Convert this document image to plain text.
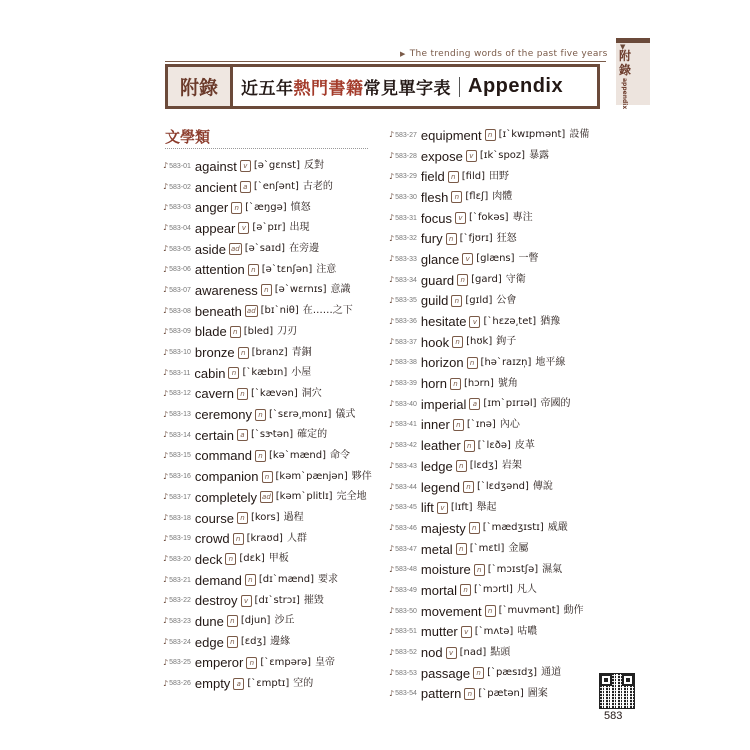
▶ The trending words of the past five years
附錄	近五年 熱門書籍 常見單字表 Appendix
▼
附錄
appendix
文學類
♪ 583-01 against v [əˋgɛnst] 反對
♪ 583-02 ancient a [ˋenʃənt] 古老的
♪ 583-03 anger n [ˋæŋgə] 憤怒
♪ 583-04 appear v [əˋpɪr] 出現
♪ 583-05 aside ad [əˋsaɪd] 在旁邊
♪ 583-06 attention n [əˋtɛnʃən] 注意
♪ 583-07 awareness n [əˋwɛrnɪs] 意識
♪ 583-08 beneath ad [bɪˋniθ] 在……之下
♪ 583-09 blade n [bled] 刀刃
♪ 583-10 bronze n [branz] 青銅
♪ 583-11 cabin n [ˋkæbɪn] 小屋
♪ 583-12 cavern n [ˋkævən] 洞穴
♪ 583-13 ceremony n [ˋsɛrə͵monɪ] 儀式
♪ 583-14 certain a [ˋsɝtən] 確定的
♪ 583-15 command n [kəˋmænd] 命令
♪ 583-16 companion n [kəmˋpænjən] 夥伴
♪ 583-17 completely ad [kəmˋplitlɪ] 完全地
♪ 583-18 course n [kors] 過程
♪ 583-19 crowd n [kraʊd] 人群
♪ 583-20 deck n [dɛk] 甲板
♪ 583-21 demand n [dɪˋmænd] 要求
♪ 583-22 destroy v [dɪˋstrɔɪ] 摧毀
♪ 583-23 dune n [djun] 沙丘
♪ 583-24 edge n [ɛdʒ] 邊緣
♪ 583-25 emperor n [ˋɛmpərə] 皇帝
♪ 583-26 empty a [ˋɛmptɪ] 空的
♪ 583-27 equipment n [ɪˋkwɪpmənt] 設備
♪ 583-28 expose v [ɪkˋspoz] 暴露
♪ 583-29 field n [fild] 田野
♪ 583-30 flesh n [flɛʃ] 肉體
♪ 583-31 focus v [ˋfokəs] 專注
♪ 583-32 fury n [ˋfjʊrɪ] 狂怒
♪ 583-33 glance v [glæns] 一瞥
♪ 583-34 guard n [gard] 守衛
♪ 583-35 guild n [gɪld] 公會
♪ 583-36 hesitate v [ˋhɛzə͵tet] 猶豫
♪ 583-37 hook n [hʊk] 鉤子
♪ 583-38 horizon n [həˋraɪzn̩] 地平線
♪ 583-39 horn n [hɔrn] 號角
♪ 583-40 imperial a [ɪmˋpɪrɪəl] 帝國的
♪ 583-41 inner n [ˋɪnə] 內心
♪ 583-42 leather n [ˋlɛðə] 皮革
♪ 583-43 ledge n [lɛdʒ] 岩架
♪ 583-44 legend n [ˋlɛdʒənd] 傳說
♪ 583-45 lift v [lɪft] 舉起
♪ 583-46 majesty n [ˋmædʒɪstɪ] 威嚴
♪ 583-47 metal n [ˋmɛtl] 金屬
♪ 583-48 moisture n [ˋmɔɪstʃə] 濕氣
♪ 583-49 mortal n [ˋmɔrtl] 凡人
♪ 583-50 movement n [ˋmuvmənt] 動作
♪ 583-51 mutter v [ˋmʌtə] 咕噥
♪ 583-52 nod v [nad] 點頭
♪ 583-53 passage n [ˋpæsɪdʒ] 通道
♪ 583-54 pattern n [ˋpætən] 圖案
583
